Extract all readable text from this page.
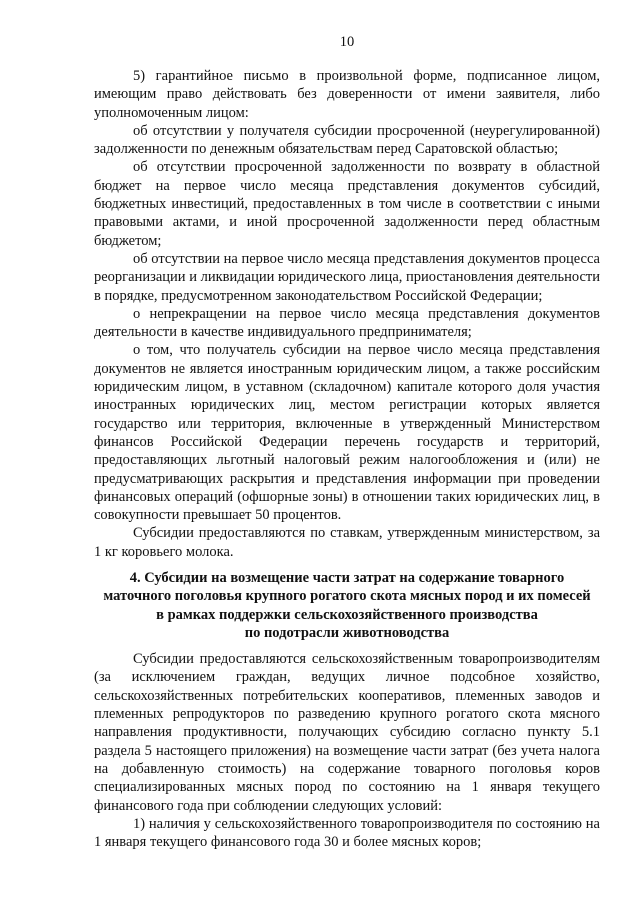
10

5) гарантийное письмо в произвольной форме, подписанное лицом, имеющим право действовать без доверенности от имени заявителя, либо уполномоченным лицом:

об отсутствии у получателя субсидии просроченной (неурегулированной) задолженности по денежным обязательствам перед Саратовской областью;

об отсутствии просроченной задолженности по возврату в областной бюджет на первое число месяца представления документов субсидий, бюджетных инвестиций, предоставленных в том числе в соответствии с иными правовыми актами, и иной просроченной задолженности перед областным бюджетом;

об отсутствии на первое число месяца представления документов процесса реорганизации и ликвидации юридического лица, приостановления деятельности в порядке, предусмотренном законодательством Российской Федерации;

о непрекращении на первое число месяца представления документов деятельности в качестве индивидуального предпринимателя;

о том, что получатель субсидии на первое число месяца представления документов не является иностранным юридическим лицом, а также российским юридическим лицом, в уставном (складочном) капитале которого доля участия иностранных юридических лиц, местом регистрации которых является государство или территория, включенные в утвержденный Министерством финансов Российской Федерации перечень государств и территорий, предоставляющих льготный налоговый режим налогообложения и (или) не предусматривающих раскрытия и представления информации при проведении финансовых операций (офшорные зоны) в отношении таких юридических лиц, в совокупности превышает 50 процентов.

Субсидии предоставляются по ставкам, утвержденным министерством, за 1 кг коровьего молока.

4. Субсидии на возмещение части затрат на содержание товарного
маточного поголовья крупного рогатого скота мясных пород и их помесей
в рамках поддержки сельскохозяйственного производства
по подотрасли животноводства

Субсидии предоставляются сельскохозяйственным товаропроизводителям (за исключением граждан, ведущих личное подсобное хозяйство, сельскохозяйственных потребительских кооперативов, племенных заводов и племенных репродукторов по разведению крупного рогатого скота мясного направления продуктивности, получающих субсидию согласно пункту 5.1 раздела 5 настоящего приложения) на возмещение части затрат (без учета налога на добавленную стоимость) на содержание товарного поголовья коров специализированных мясных пород по состоянию на 1 января текущего финансового года при соблюдении следующих условий:

1) наличия у сельскохозяйственного товаропроизводителя по состоянию на 1 января текущего финансового года 30 и более мясных коров;
